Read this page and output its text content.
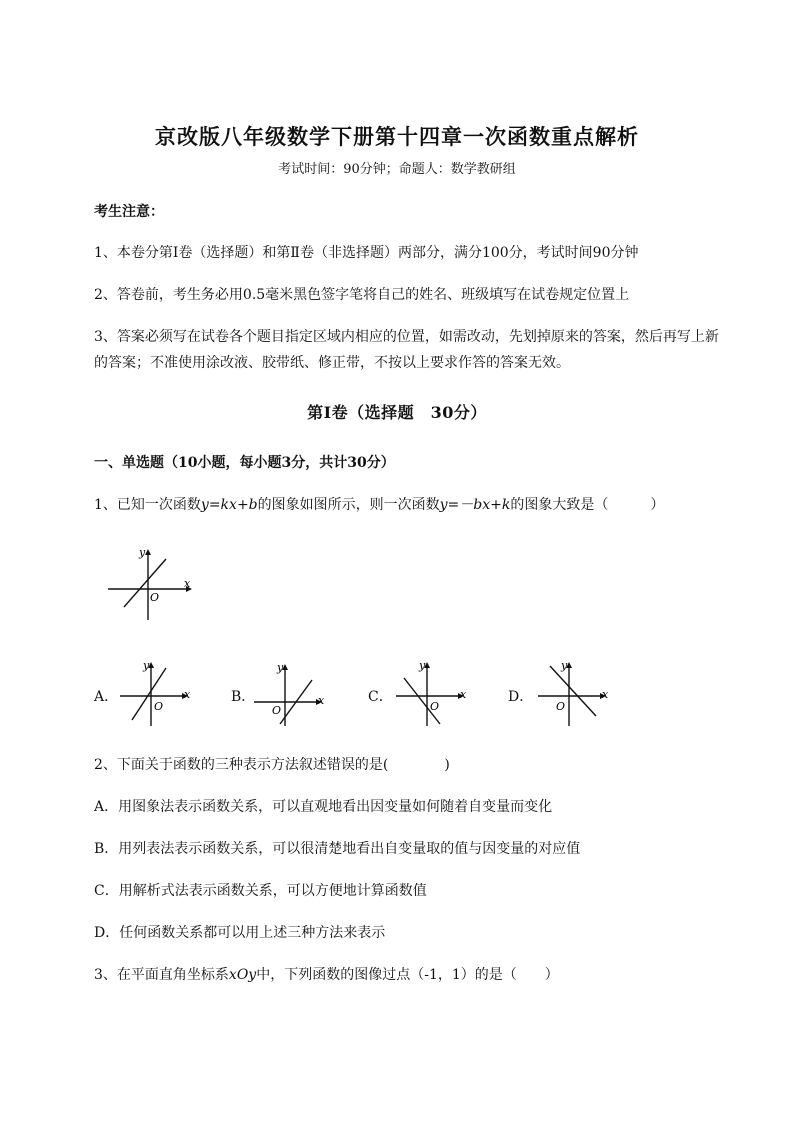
京改版八年级数学下册第十四章一次函数重点解析
考试时间：90分钟；命题人：数学教研组
考生注意：
1、本卷分第I卷（选择题）和第Ⅱ卷（非选择题）两部分，满分100分，考试时间90分钟
2、答卷前，考生务必用0.5毫米黑色签字笔将自己的姓名、班级填写在试卷规定位置上
3、答案必须写在试卷各个题目指定区域内相应的位置，如需改动，先划掉原来的答案，然后再写上新
的答案；不准使用涂改液、胶带纸、修正带，不按以上要求作答的答案无效。
第I卷（选择题　30分）
一、单选题（10小题，每小题3分，共计30分）
1、已知一次函数y=kx+b的图象如图所示，则一次函数y=－bx+k的图象大致是（　　　）
x
y
O
A．	x
y
O
B．	x
y
O
C．	x
y
O
D．	x
y
O
2、下面关于函数的三种表示方法叙述错误的是(　　　　)
A．用图象法表示函数关系，可以直观地看出因变量如何随着自变量而变化
B．用列表法表示函数关系，可以很清楚地看出自变量取的值与因变量的对应值
C．用解析式法表示函数关系，可以方便地计算函数值
D．任何函数关系都可以用上述三种方法来表示
3、在平面直角坐标系xOy中，下列函数的图像过点（-1，1）的是（　　）
